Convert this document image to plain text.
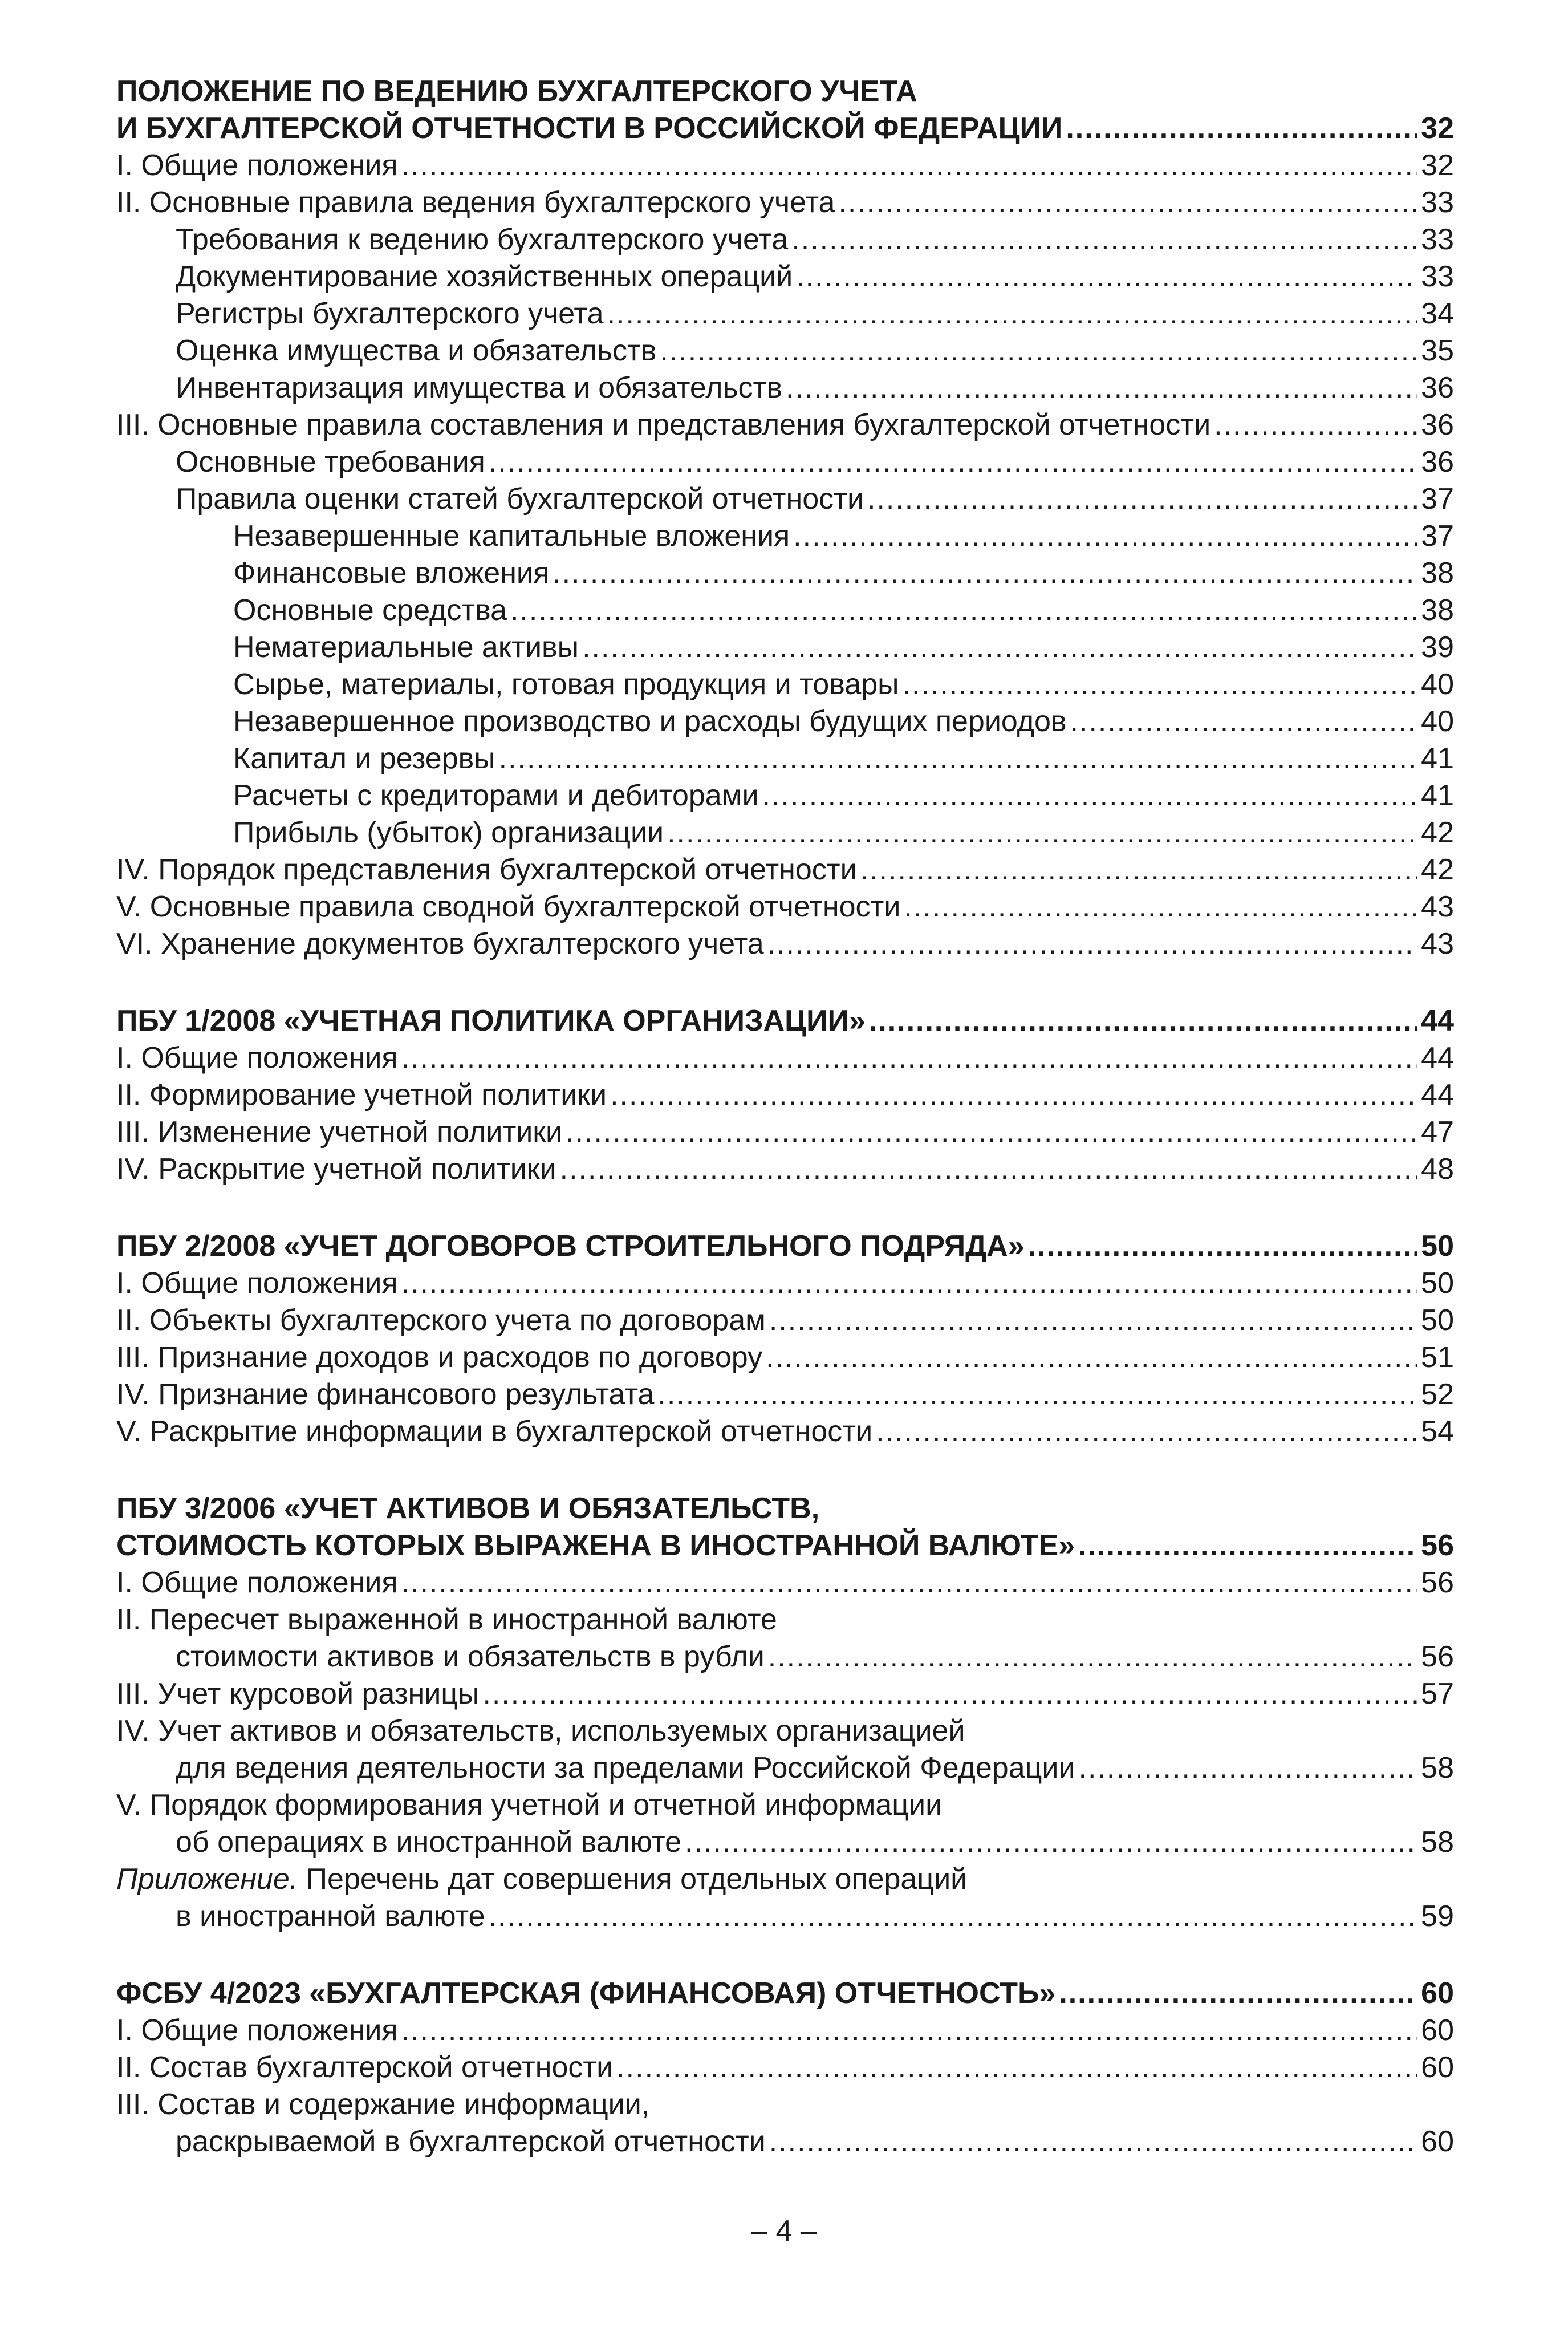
ПОЛОЖЕНИЕ ПО ВЕДЕНИЮ БУХГАЛТЕРСКОГО УЧЕТА
И БУХГАЛТЕРСКОЙ ОТЧЕТНОСТИ В РОССИЙСКОЙ ФЕДЕРАЦИИ .....	32
I. Общие положения .....	32
II. Основные правила ведения бухгалтерского учета .....	33
Требования к ведению бухгалтерского учета .....	33
Документирование хозяйственных операций .....	33
Регистры бухгалтерского учета .....	34
Оценка имущества и обязательств .....	35
Инвентаризация имущества и обязательств .....	36
III. Основные правила составления и представления бухгалтерской отчетности .....	36
Основные требования .....	36
Правила оценки статей бухгалтерской отчетности .....	37
Незавершенные капитальные вложения .....	37
Финансовые вложения .....	38
Основные средства .....	38
Нематериальные активы .....	39
Сырье, материалы, готовая продукция и товары .....	40
Незавершенное производство и расходы будущих периодов .....	40
Капитал и резервы .....	41
Расчеты с кредиторами и дебиторами .....	41
Прибыль (убыток) организации .....	42
IV. Порядок представления бухгалтерской отчетности .....	42
V. Основные правила сводной бухгалтерской отчетности .....	43
VI. Хранение документов бухгалтерского учета .....	43
ПБУ 1/2008 «УЧЕТНАЯ ПОЛИТИКА ОРГАНИЗАЦИИ» .....	44
I. Общие положения .....	44
II. Формирование учетной политики .....	44
III. Изменение учетной политики .....	47
IV. Раскрытие учетной политики .....	48
ПБУ 2/2008 «УЧЕТ ДОГОВОРОВ СТРОИТЕЛЬНОГО ПОДРЯДА» .....	50
I. Общие положения .....	50
II. Объекты бухгалтерского учета по договорам .....	50
III. Признание доходов и расходов по договору .....	51
IV. Признание финансового результата .....	52
V. Раскрытие информации в бухгалтерской отчетности .....	54
ПБУ 3/2006 «УЧЕТ АКТИВОВ И ОБЯЗАТЕЛЬСТВ,
СТОИМОСТЬ КОТОРЫХ ВЫРАЖЕНА В ИНОСТРАННОЙ ВАЛЮТЕ» .....	56
I. Общие положения .....	56
II. Пересчет выраженной в иностранной валюте
стоимости активов и обязательств в рубли .....	56
III. Учет курсовой разницы .....	57
IV. Учет активов и обязательств, используемых организацией
для ведения деятельности за пределами Российской Федерации .....	58
V. Порядок формирования учетной и отчетной информации
об операциях в иностранной валюте .....	58
Приложение. Перечень дат совершения отдельных операций
в иностранной валюте .....	59
ФСБУ 4/2023 «БУХГАЛТЕРСКАЯ (ФИНАНСОВАЯ) ОТЧЕТНОСТЬ» .....	60
I. Общие положения .....	60
II. Состав бухгалтерской отчетности .....	60
III. Состав и содержание информации,
раскрываемой в бухгалтерской отчетности .....	60
– 4 –
